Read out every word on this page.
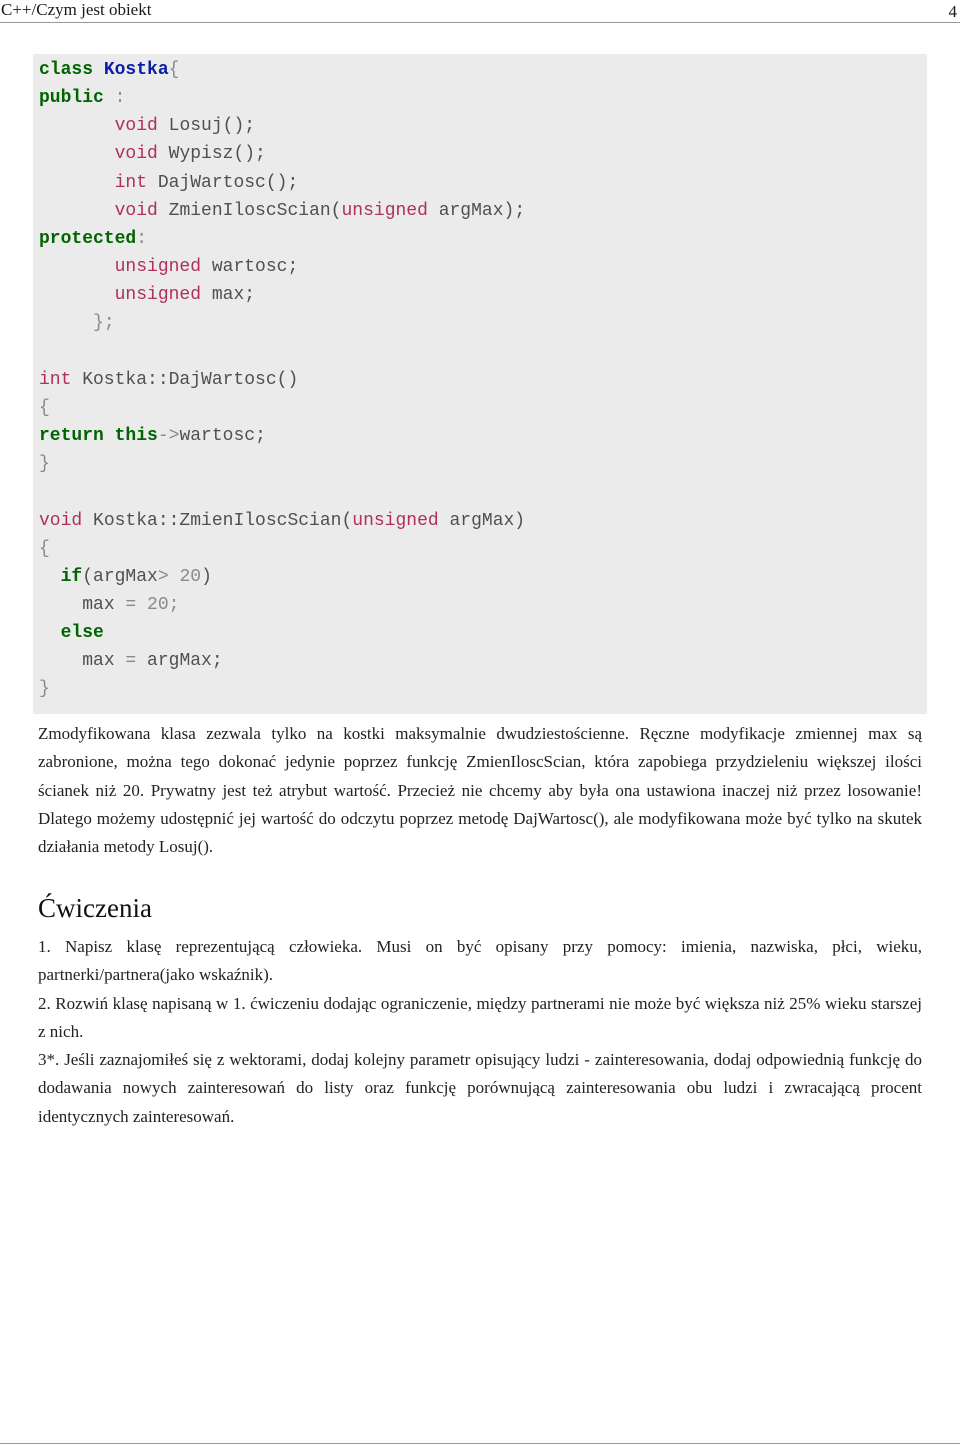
C++/Czym jest obiekt	4
class Kostka{
public :
void Losuj();
void Wypisz();
int DajWartosc();
void ZmienIloscScian(unsigned argMax);
protected:
unsigned wartosc;
unsigned max;
};
int Kostka::DajWartosc()
{
return this->wartosc;
}
void Kostka::ZmienIloscScian(unsigned argMax)
{
if(argMax> 20)
max = 20;
else
max = argMax;
}

Zmodyfikowana klasa zezwala tylko na kostki maksymalnie dwudziestościenne. Ręczne modyfikacje zmiennej max są zabronione, można tego dokonać jedynie poprzez funkcję ZmienIloscScian, która zapobiega przydzieleniu większej ilości ścianek niż 20. Prywatny jest też atrybut wartość. Przecież nie chcemy aby była ona ustawiona inaczej niż przez losowanie! Dlatego możemy udostępnić jej wartość do odczytu poprzez metodę DajWartosc(), ale modyfikowana może być tylko na skutek działania metody Losuj().

Ćwiczenia

1. Napisz klasę reprezentującą człowieka. Musi on być opisany przy pomocy: imienia, nazwiska, płci, wieku, partnerki/partnera(jako wskaźnik).

2. Rozwiń klasę napisaną w 1. ćwiczeniu dodając ograniczenie, między partnerami nie może być większa niż 25% wieku starszej z nich.

3*. Jeśli zaznajomiłeś się z wektorami, dodaj kolejny parametr opisujący ludzi - zainteresowania, dodaj odpowiednią funkcję do dodawania nowych zainteresowań do listy oraz funkcję porównującą zainteresowania obu ludzi i zwracającą procent identycznych zainteresowań.
